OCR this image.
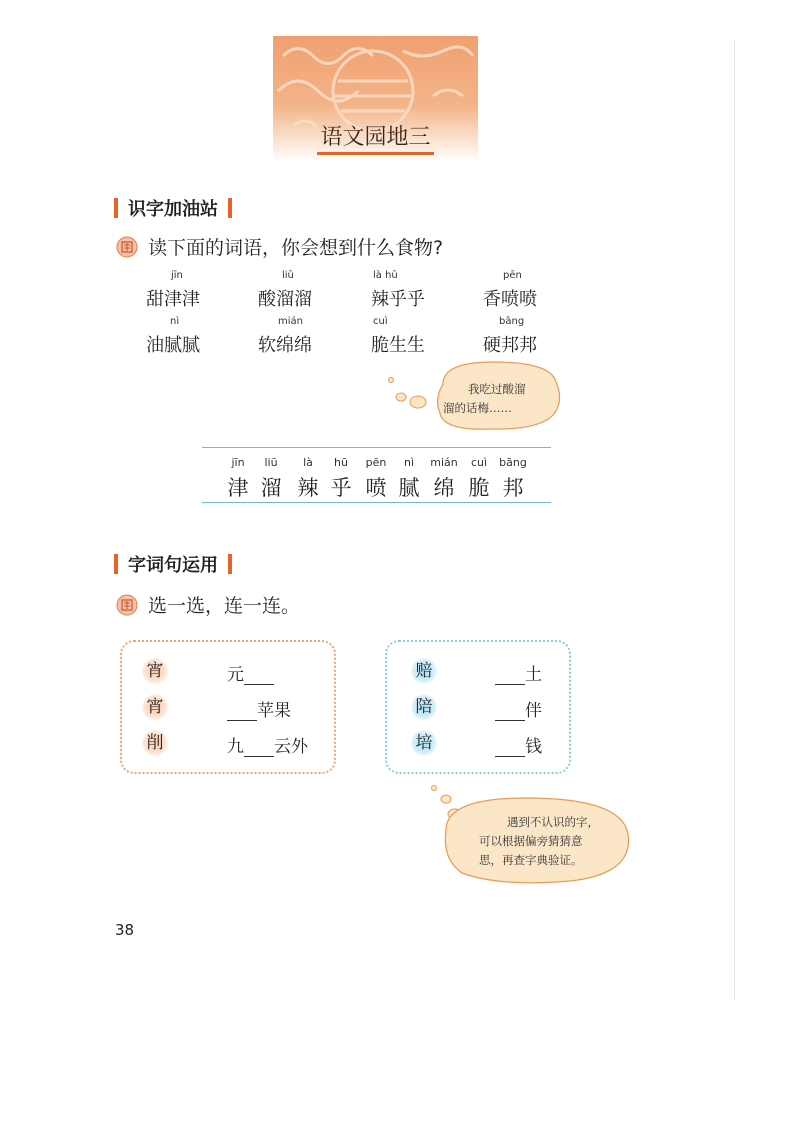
语文园地三
识字加油站
读下面的词语，你会想到什么食物?
jīn
甜津津
liū
酸溜溜
là hū
辣乎乎
pēn
香喷喷
nì
油腻腻
mián
软绵绵
cuì
脆生生
bāng
硬邦邦
我吃过酸溜
溜的话梅……
jīn
津
liū
溜
là
辣
hū
乎
pēn
喷
nì
腻
mián
绵
cuì
脆
bāng
邦
字词句运用
选一选，连一连。
宵
宵
削
元
苹果
九 云外
赔
陪
培
土
伴
钱
遇到不认识的字，
可以根据偏旁猜猜意
思，再查字典验证。
38
